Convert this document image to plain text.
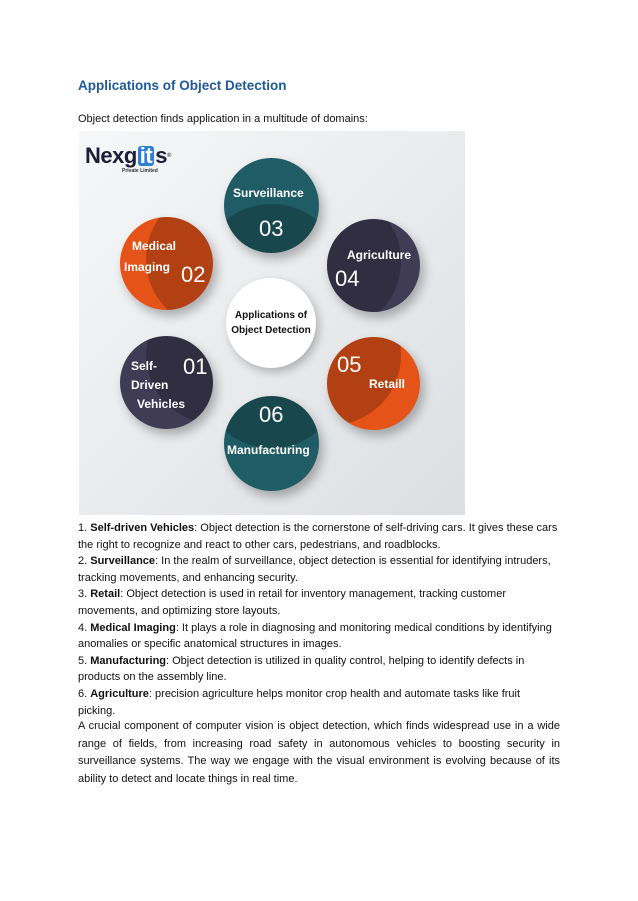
Applications of Object Detection
Object detection finds application in a multitude of domains:
Nexg it s®
Private Limited
Surveillance
03
Agriculture
04
Retaill
05
Manufacturing
06
Self-
Driven
Vehicles
01
Medical
Imaging 02
Applications of
Object Detection

1. Self-driven Vehicles: Object detection is the cornerstone of self-driving cars. It gives these cars the right to recognize and react to other cars, pedestrians, and roadblocks.

2. Surveillance: In the realm of surveillance, object detection is essential for identifying intruders, tracking movements, and enhancing security.

3. Retail: Object detection is used in retail for inventory management, tracking customer movements, and optimizing store layouts.

4. Medical Imaging: It plays a role in diagnosing and monitoring medical conditions by identifying anomalies or specific anatomical structures in images.

5. Manufacturing: Object detection is utilized in quality control, helping to identify defects in products on the assembly line.

6. Agriculture: precision agriculture helps monitor crop health and automate tasks like fruit picking.

A crucial component of computer vision is object detection, which finds widespread use in a wide range of fields, from increasing road safety in autonomous vehicles to boosting security in surveillance systems. The way we engage with the visual environment is evolving because of its ability to detect and locate things in real time.
